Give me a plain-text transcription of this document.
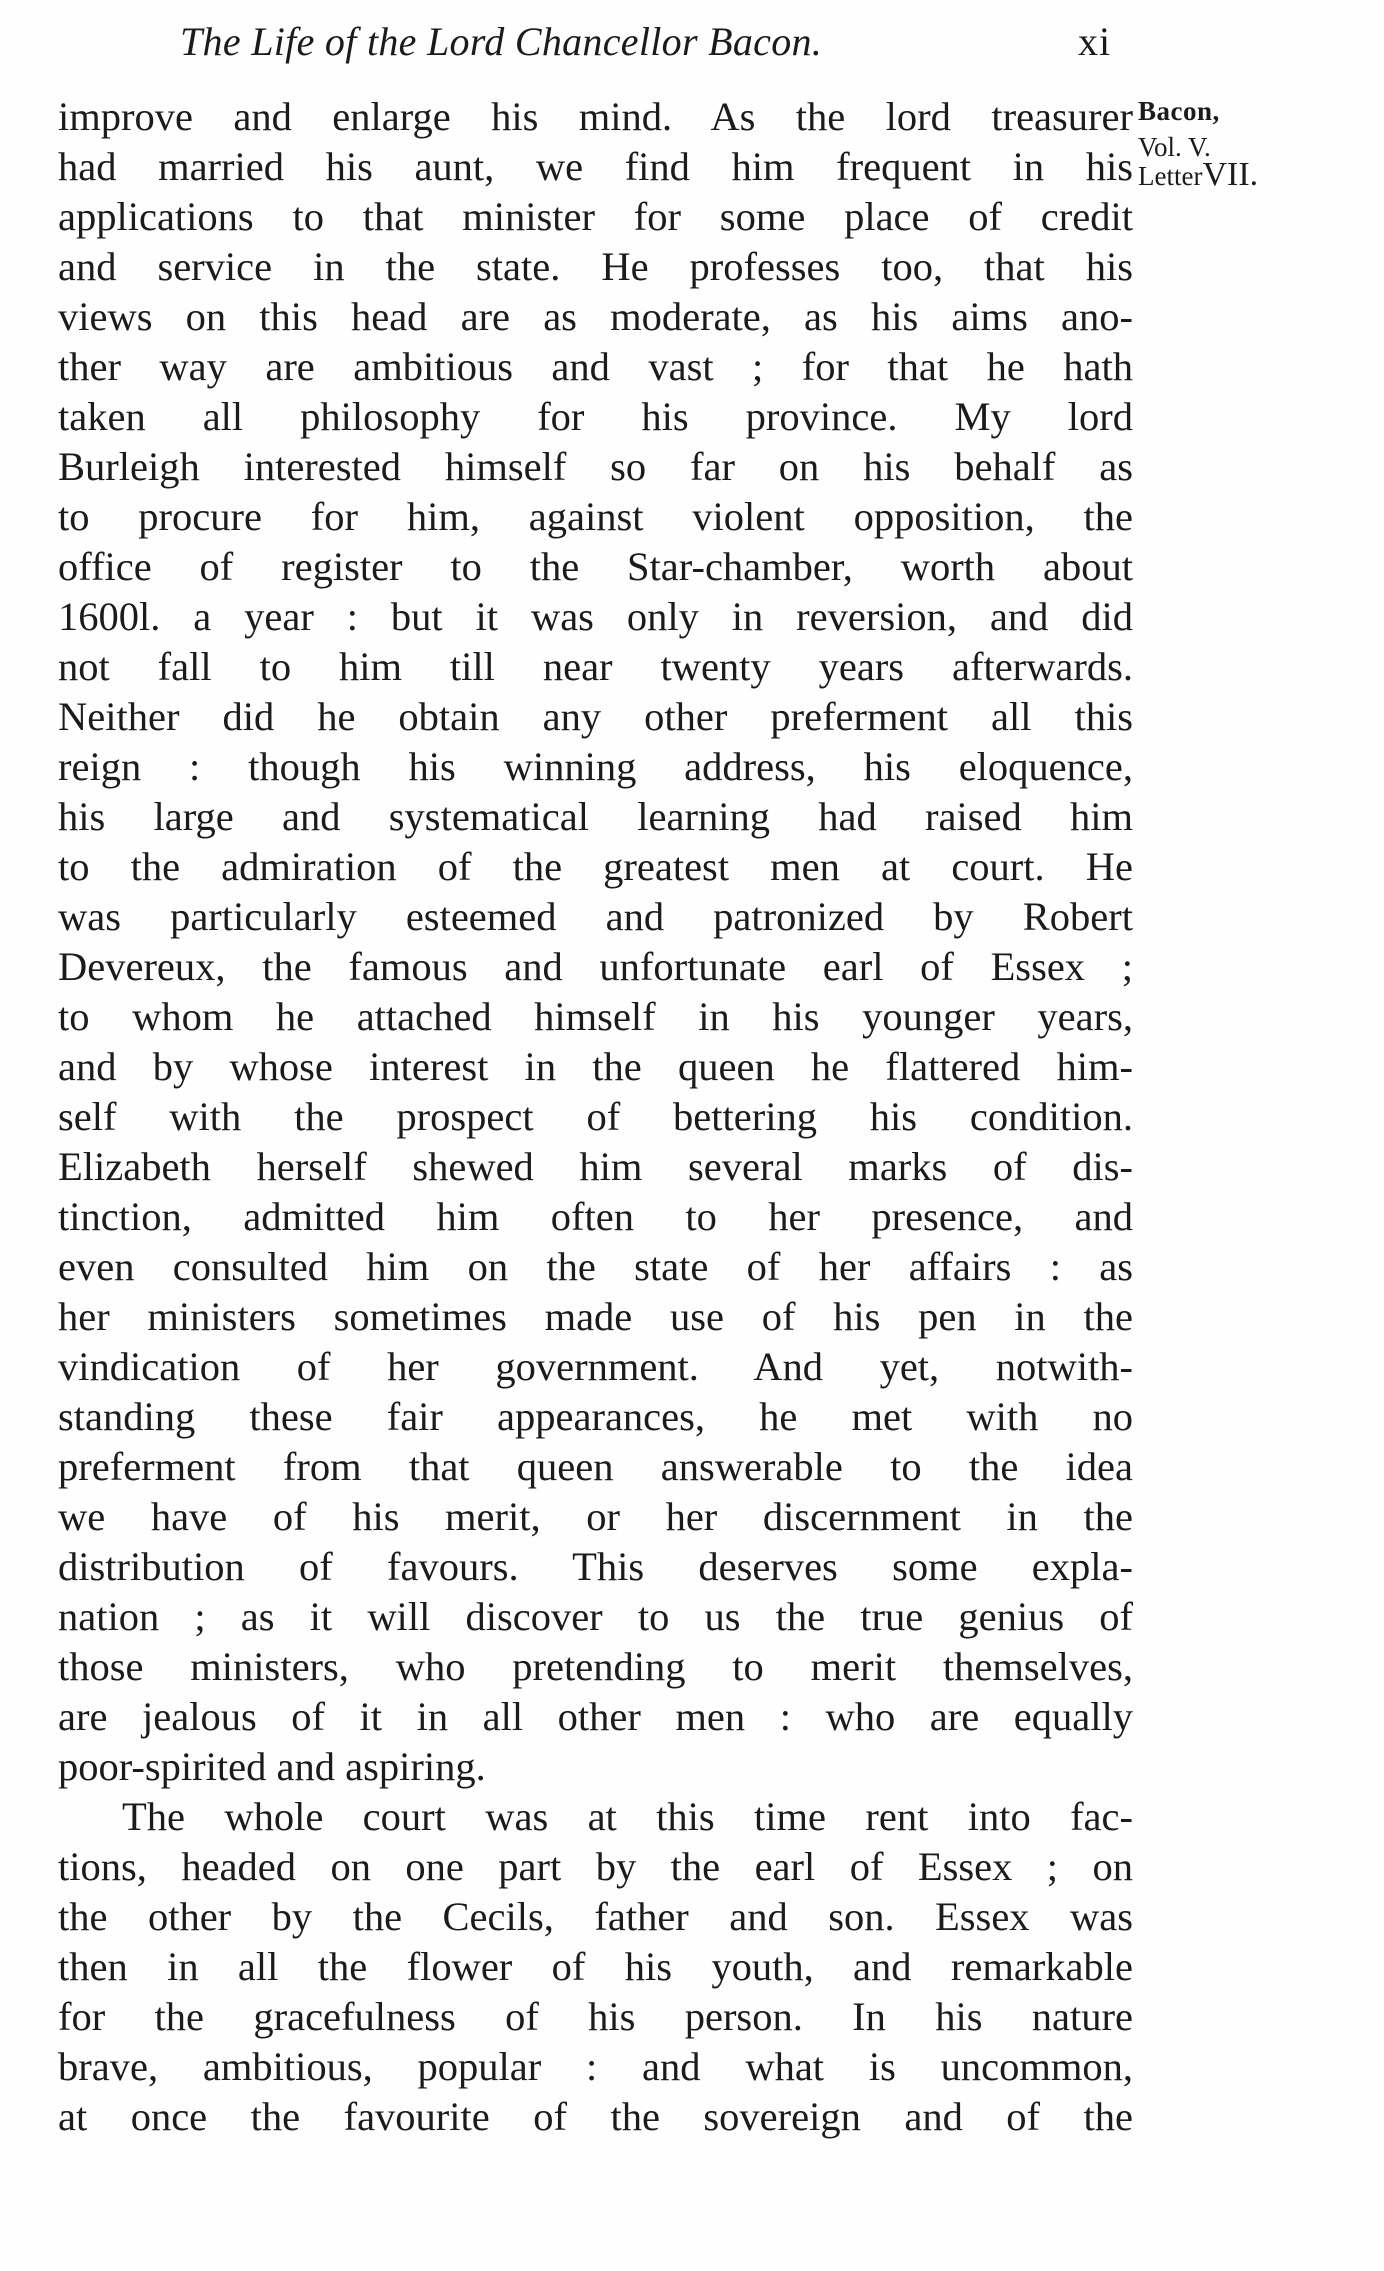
The Life of the Lord Chancellor Bacon.	xi
Bacon,
Vol. V.
LetterVII.
improve and enlarge his mind. As the lord treasurer
had married his aunt, we find him frequent in his
applications to that minister for some place of credit
and service in the state. He professes too, that his
views on this head are as moderate, as his aims ano-
ther way are ambitious and vast ; for that he hath
taken all philosophy for his province. My lord
Burleigh interested himself so far on his behalf as
to procure for him, against violent opposition, the
office of register to the Star-chamber, worth about
1600l. a year : but it was only in reversion, and did
not fall to him till near twenty years afterwards.
Neither did he obtain any other preferment all this
reign : though his winning address, his eloquence,
his large and systematical learning had raised him
to the admiration of the greatest men at court. He
was particularly esteemed and patronized by Robert
Devereux, the famous and unfortunate earl of Essex ;
to whom he attached himself in his younger years,
and by whose interest in the queen he flattered him-
self with the prospect of bettering his condition.
Elizabeth herself shewed him several marks of dis-
tinction, admitted him often to her presence, and
even consulted him on the state of her affairs : as
her ministers sometimes made use of his pen in the
vindication of her government. And yet, notwith-
standing these fair appearances, he met with no
preferment from that queen answerable to the idea
we have of his merit, or her discernment in the
distribution of favours. This deserves some expla-
nation ; as it will discover to us the true genius of
those ministers, who pretending to merit themselves,
are jealous of it in all other men : who are equally
poor-spirited and aspiring.
The whole court was at this time rent into fac-
tions, headed on one part by the earl of Essex ; on
the other by the Cecils, father and son. Essex was
then in all the flower of his youth, and remarkable
for the gracefulness of his person. In his nature
brave, ambitious, popular : and what is uncommon,
at once the favourite of the sovereign and of the
